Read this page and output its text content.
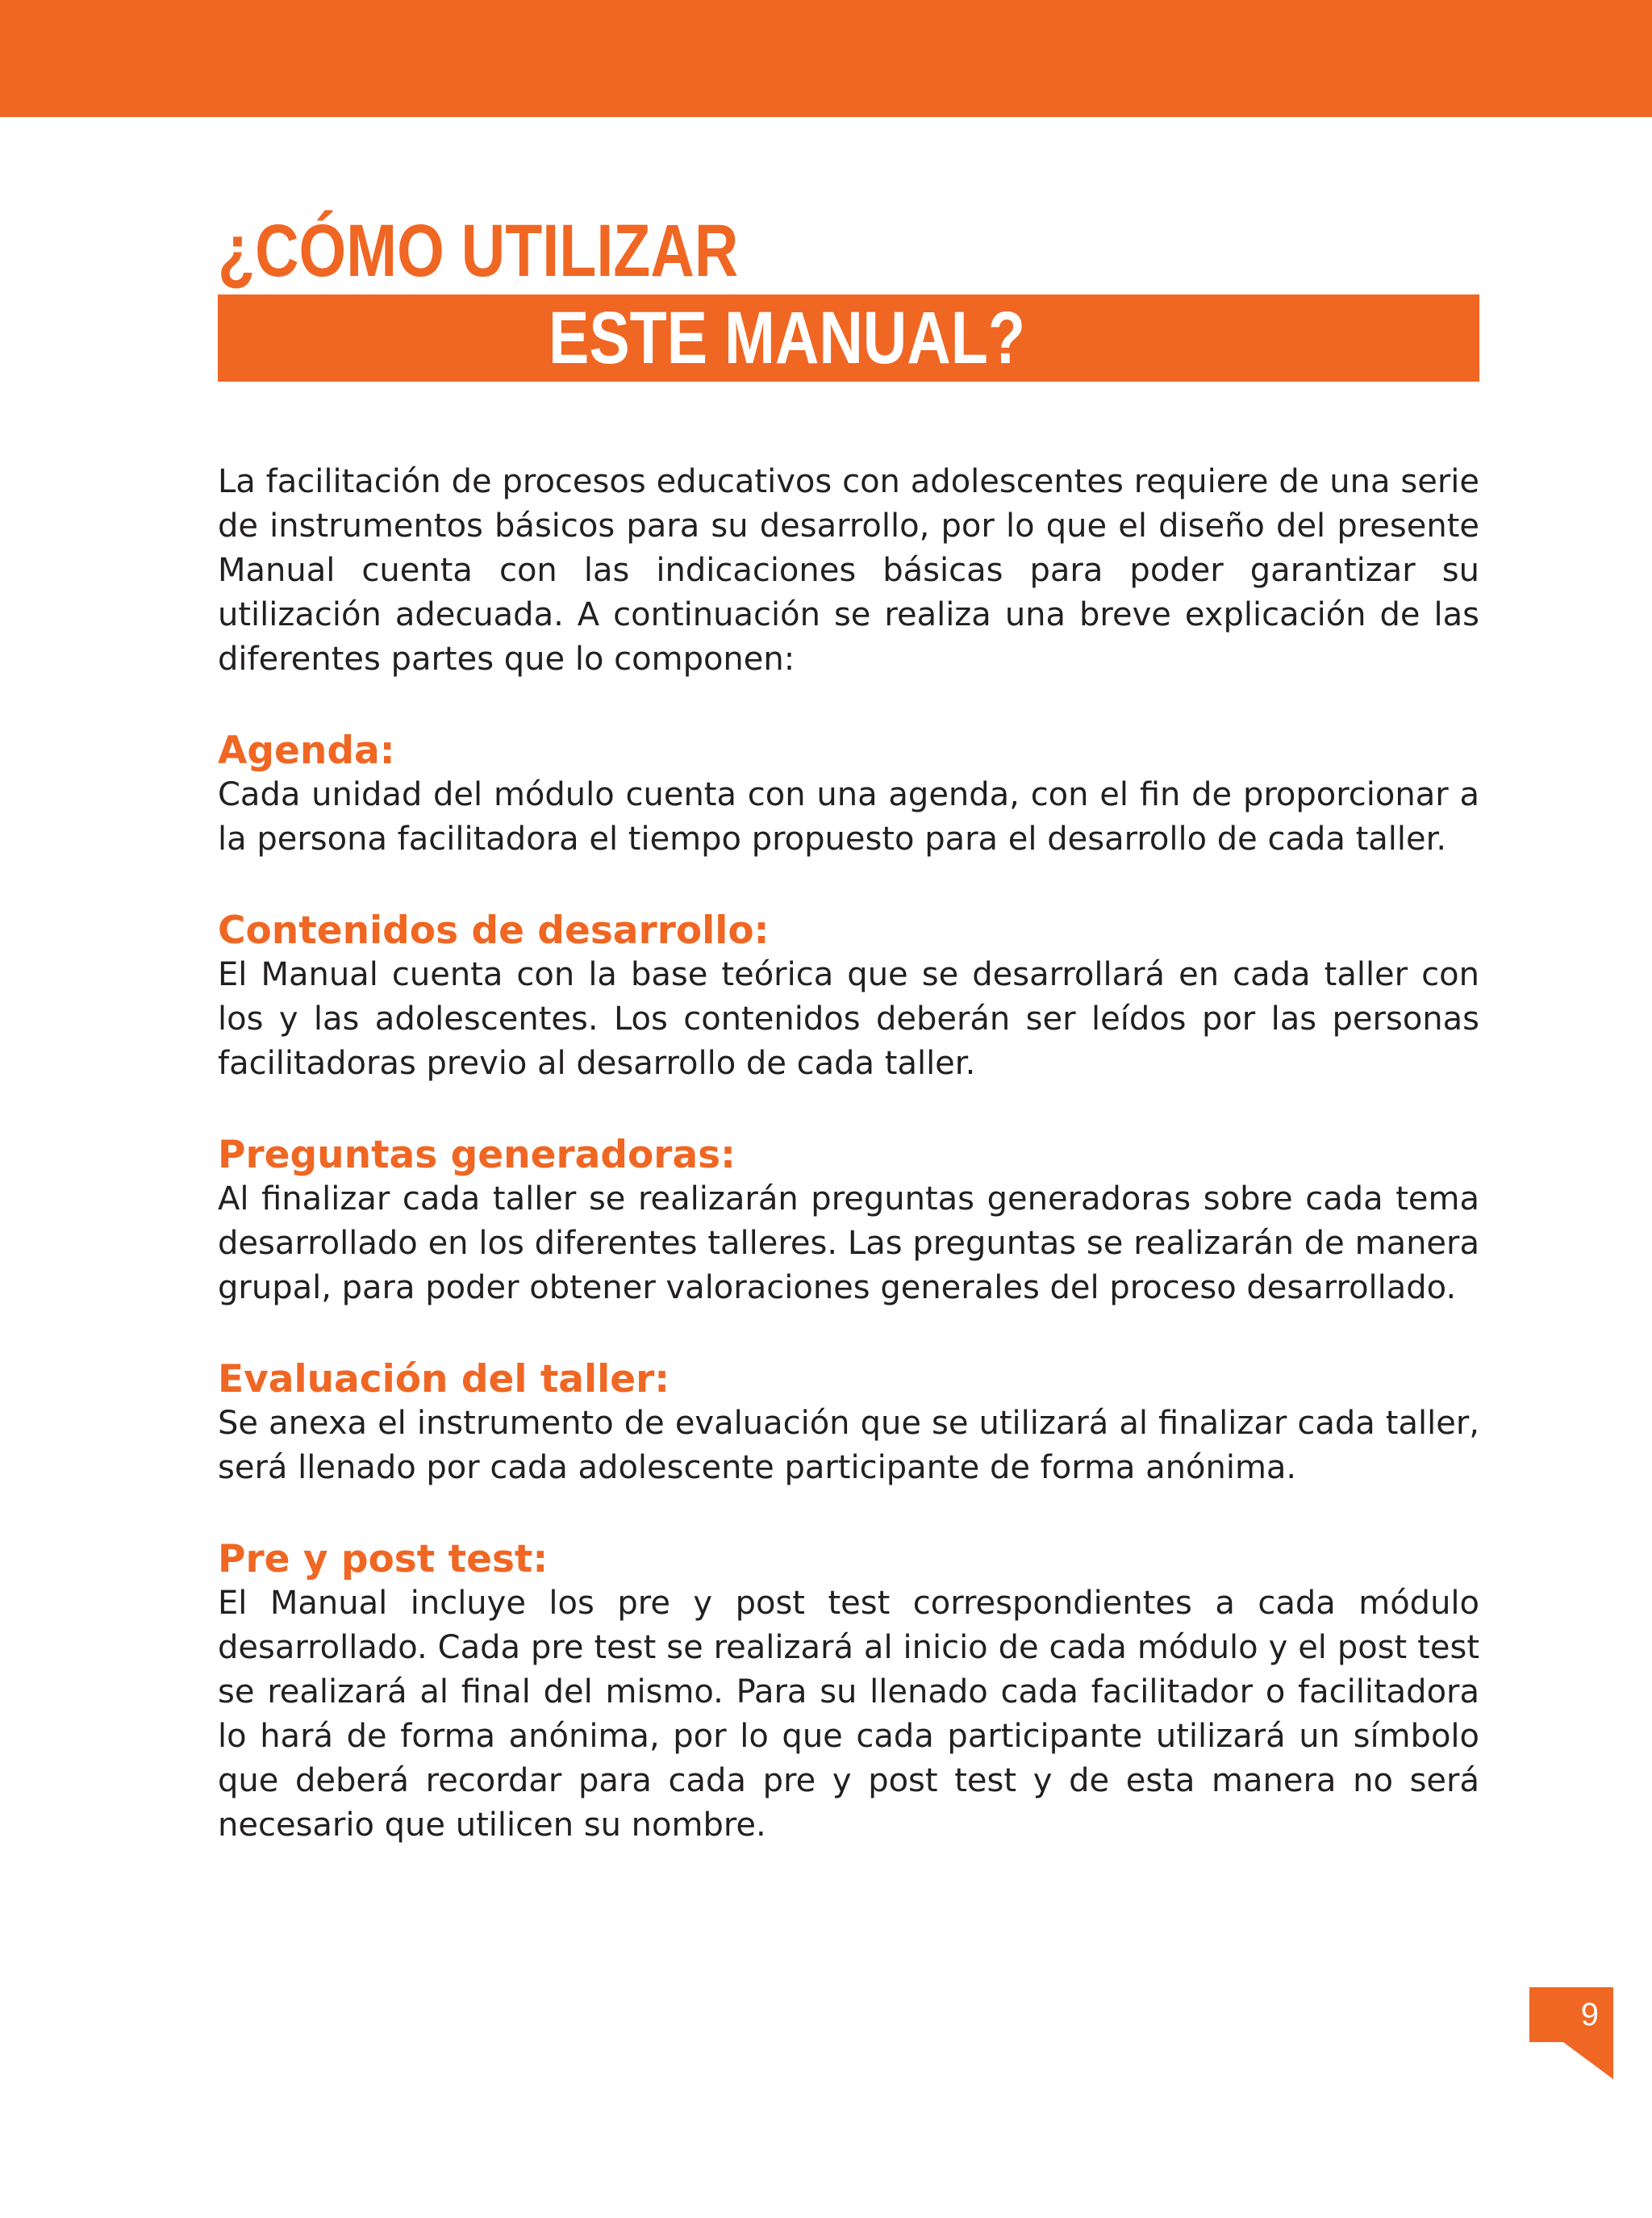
¿CÓMO UTILIZAR
ESTE MANUAL?

La facilitación de procesos educativos con adolescentes requiere de una serie de instrumentos básicos para su desarrollo, por lo que el diseño del presente Manual cuenta con las indicaciones básicas para poder garantizar su utilización adecuada. A continuación se realiza una breve explicación de las diferentes partes que lo componen:

Agenda:

Cada unidad del módulo cuenta con una agenda, con el fin de proporcionar a la persona facilitadora el tiempo propuesto para el desarrollo de cada taller.

Contenidos de desarrollo:

El Manual cuenta con la base teórica que se desarrollará en cada taller con los y las adolescentes. Los contenidos deberán ser leídos por las personas facilitadoras previo al desarrollo de cada taller.

Preguntas generadoras:

Al finalizar cada taller se realizarán preguntas generadoras sobre cada tema desarrollado en los diferentes talleres. Las preguntas se realizarán de manera grupal, para poder obtener valoraciones generales del proceso desarrollado.

Evaluación del taller:

Se anexa el instrumento de evaluación que se utilizará al finalizar cada taller, será llenado por cada adolescente participante de forma anónima.

Pre y post test:

El Manual incluye los pre y post test correspondientes a cada módulo desarrollado. Cada pre test se realizará al inicio de cada módulo y el post test se realizará al final del mismo. Para su llenado cada facilitador o facilitadora lo hará de forma anónima, por lo que cada participante utilizará un símbolo que deberá recordar para cada pre y post test y de esta manera no será necesario que utilicen su nombre.

9
